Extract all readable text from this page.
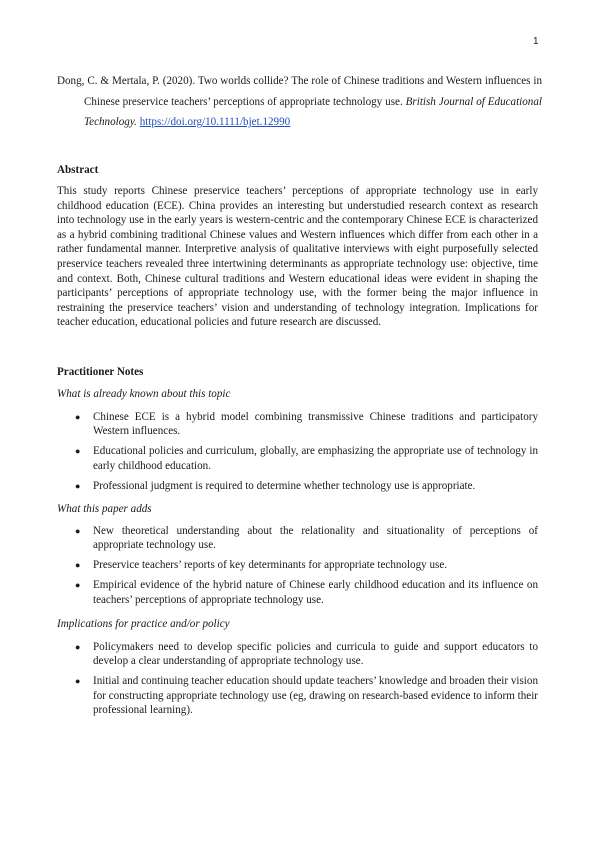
1
Dong, C. & Mertala, P. (2020). Two worlds collide? The role of Chinese traditions and Western influences in Chinese preservice teachers’ perceptions of appropriate technology use. British Journal of Educational Technology. https://doi.org/10.1111/bjet.12990
Abstract
This study reports Chinese preservice teachers’ perceptions of appropriate technology use in early childhood education (ECE). China provides an interesting but understudied research context as research into technology use in the early years is western-centric and the contemporary Chinese ECE is characterized as a hybrid combining traditional Chinese values and Western influences which differ from each other in a rather fundamental manner. Interpretive analysis of qualitative interviews with eight purposefully selected preservice teachers revealed three intertwining determinants as appropriate technology use: objective, time and context. Both, Chinese cultural traditions and Western educational ideas were evident in shaping the participants’ perceptions of appropriate technology use, with the former being the major influence in restraining the preservice teachers’ vision and understanding of technology integration. Implications for teacher education, educational policies and future research are discussed.
Practitioner Notes
What is already known about this topic
● Chinese ECE is a hybrid model combining transmissive Chinese traditions and participatory Western influences.
● Educational policies and curriculum, globally, are emphasizing the appropriate use of technology in early childhood education.
● Professional judgment is required to determine whether technology use is appropriate.
What this paper adds
● New theoretical understanding about the relationality and situationality of perceptions of appropriate technology use.
● Preservice teachers’ reports of key determinants for appropriate technology use.
● Empirical evidence of the hybrid nature of Chinese early childhood education and its influence on teachers’ perceptions of appropriate technology use.
Implications for practice and/or policy
● Policymakers need to develop specific policies and curricula to guide and support educators to develop a clear understanding of appropriate technology use.
● Initial and continuing teacher education should update teachers’ knowledge and broaden their vision for constructing appropriate technology use (eg, drawing on research-based evidence to inform their professional learning).
